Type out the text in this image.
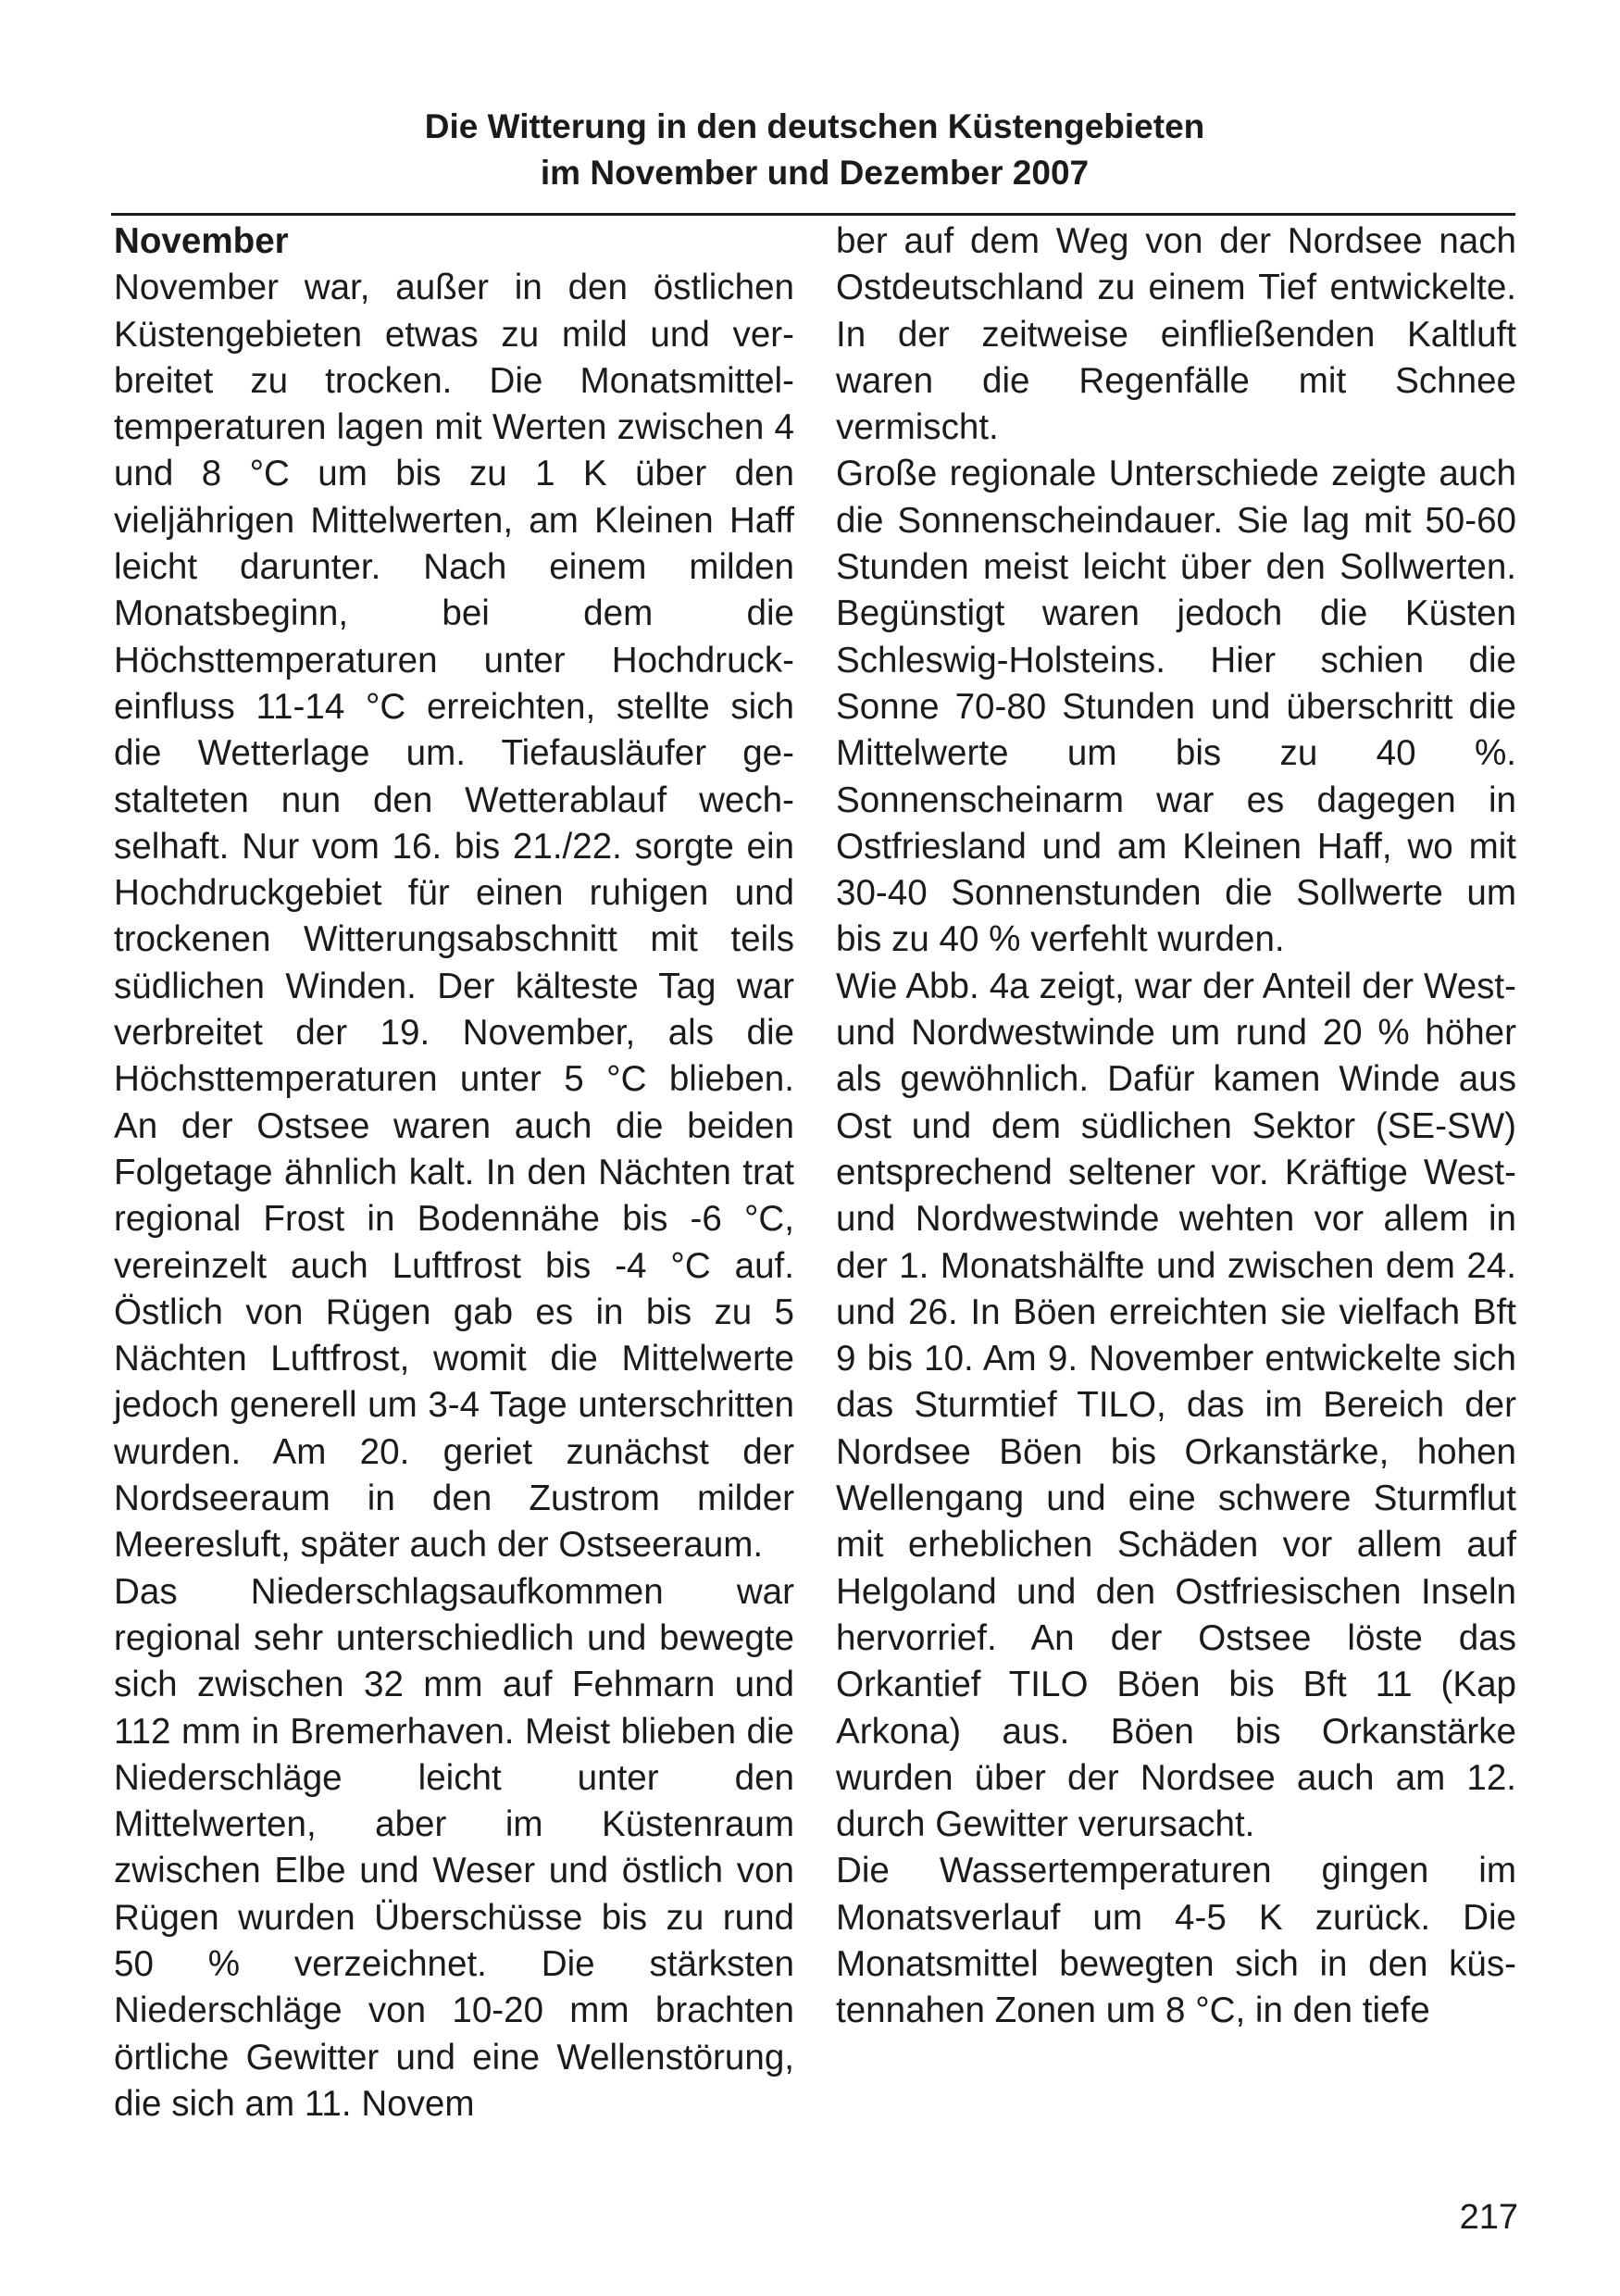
Die Witterung in den deutschen Küstengebieten
im November und Dezember 2007

November

November war, außer in den östlichen Küstengebieten etwas zu mild und verbreitet zu trocken. Die Monatsmitteltemperaturen lagen mit Werten zwischen 4 und 8 °C um bis zu 1 K über den vieljährigen Mittelwerten, am Kleinen Haff leicht darunter. Nach einem milden Monatsbeginn, bei dem die Höchsttemperaturen unter Hochdruckeinfluss 11-14 °C erreichten, stellte sich die Wetterlage um. Tiefausläufer gestalteten nun den Wetterablauf wechselhaft. Nur vom 16. bis 21./22. sorgte ein Hochdruckgebiet für einen ruhigen und trockenen Witterungsabschnitt mit teils südlichen Winden. Der kälteste Tag war verbreitet der 19. November, als die Höchsttemperaturen unter 5 °C blieben. An der Ostsee waren auch die beiden Folgetage ähnlich kalt. In den Nächten trat regional Frost in Bodennähe bis -6 °C, vereinzelt auch Luftfrost bis -4 °C auf. Östlich von Rügen gab es in bis zu 5 Nächten Luftfrost, womit die Mittelwerte jedoch generell um 3-4 Tage unterschritten wurden. Am 20. geriet zunächst der Nordseeraum in den Zustrom milder Meeresluft, später auch der Ostseeraum.

Das Niederschlagsaufkommen war regional sehr unterschiedlich und bewegte sich zwischen 32 mm auf Fehmarn und 112 mm in Bremerhaven. Meist blieben die Niederschläge leicht unter den Mittelwerten, aber im Küstenraum zwischen Elbe und Weser und östlich von Rügen wurden Überschüsse bis zu rund 50 % verzeichnet. Die stärksten Niederschläge von 10-20 mm brachten örtliche Gewitter und eine Wellenstörung, die sich am 11. Novem

ber auf dem Weg von der Nordsee nach Ostdeutschland zu einem Tief entwickelte. In der zeitweise einfließenden Kaltluft waren die Regenfälle mit Schnee vermischt.

Große regionale Unterschiede zeigte auch die Sonnenscheindauer. Sie lag mit 50-60 Stunden meist leicht über den Sollwerten. Begünstigt waren jedoch die Küsten Schleswig-Holsteins. Hier schien die Sonne 70-80 Stunden und überschritt die Mittelwerte um bis zu 40 %. Sonnenscheinarm war es dagegen in Ostfriesland und am Kleinen Haff, wo mit 30-40 Sonnenstunden die Sollwerte um bis zu 40 % verfehlt wurden.

Wie Abb. 4a zeigt, war der Anteil der West- und Nordwestwinde um rund 20 % höher als gewöhnlich. Dafür kamen Winde aus Ost und dem südlichen Sektor (SE-SW) entsprechend seltener vor. Kräftige West- und Nordwestwinde wehten vor allem in der 1. Monatshälfte und zwischen dem 24. und 26. In Böen erreichten sie vielfach Bft 9 bis 10. Am 9. November entwickelte sich das Sturmtief TILO, das im Bereich der Nordsee Böen bis Orkanstärke, hohen Wellengang und eine schwere Sturmflut mit erheblichen Schäden vor allem auf Helgoland und den Ostfriesischen Inseln hervorrief. An der Ostsee löste das Orkantief TILO Böen bis Bft 11 (Kap Arkona) aus. Böen bis Orkanstärke wurden über der Nordsee auch am 12. durch Gewitter verursacht.

Die Wassertemperaturen gingen im Monatsverlauf um 4-5 K zurück. Die Monatsmittel bewegten sich in den küstennahen Zonen um 8 °C, in den tiefe

217
